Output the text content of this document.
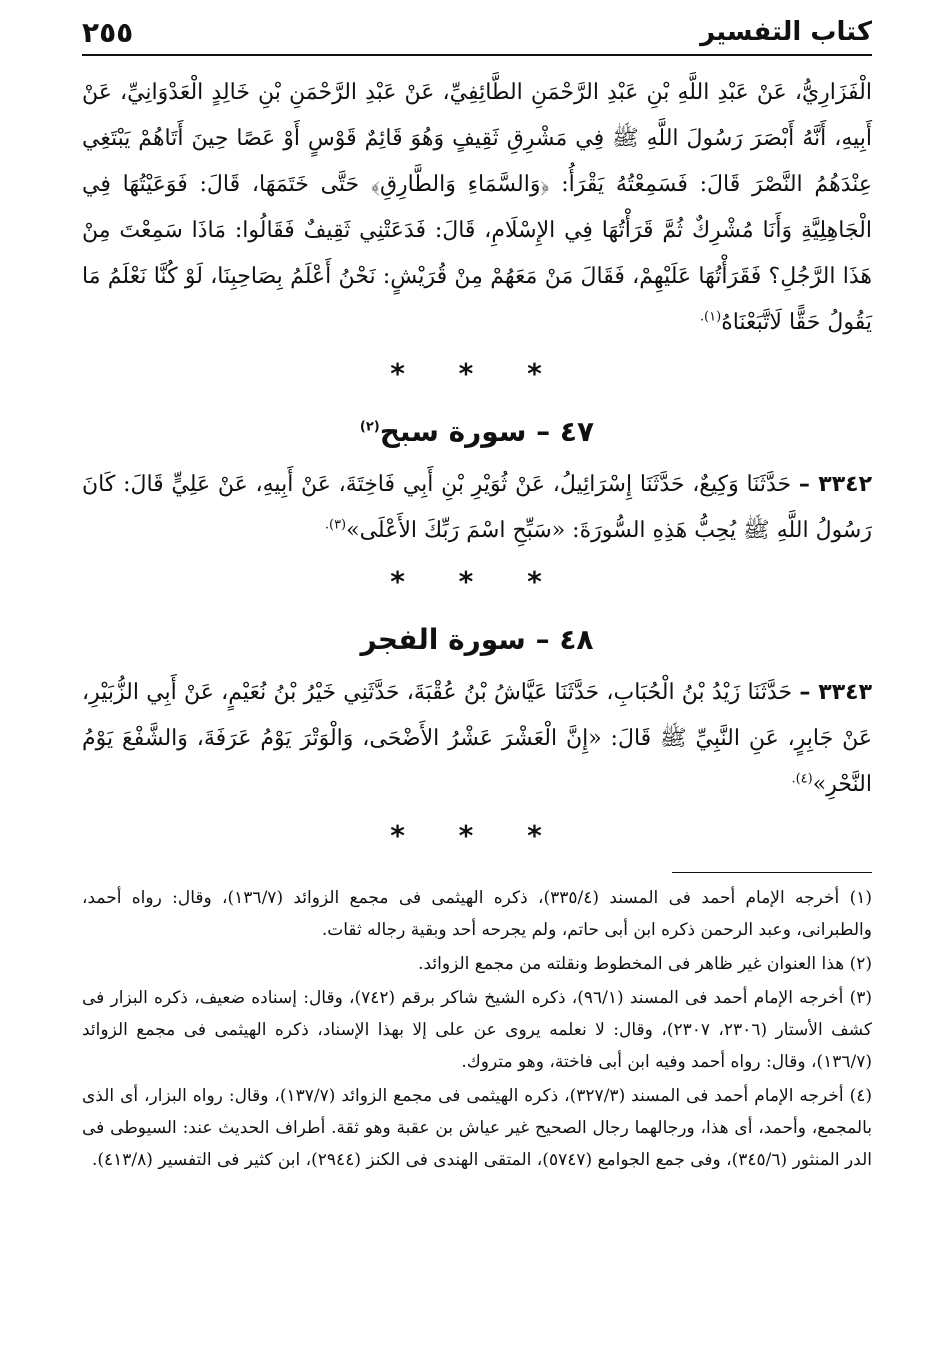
كتاب التفسير
٢٥٥

الْفَزَارِيُّ، عَنْ عَبْدِ اللَّهِ بْنِ عَبْدِ الرَّحْمَنِ الطَّائِفِيِّ، عَنْ عَبْدِ الرَّحْمَنِ بْنِ خَالِدٍ الْعَدْوَانِيِّ، عَنْ أَبِيهِ، أَنَّهُ أَبْصَرَ رَسُولَ اللَّهِ ﷺ فِي مَشْرِقِ ثَقِيفٍ وَهُوَ قَائِمٌ قَوْسٍ أَوْ عَصًا حِينَ أَتَاهُمْ يَبْتَغِي عِنْدَهُمُ النَّصْرَ قَالَ: فَسَمِعْتُهُ يَقْرَأُ: ﴿وَالسَّمَاءِ وَالطَّارِقِ﴾ حَتَّى خَتَمَهَا، قَالَ: فَوَعَيْتُهَا فِي الْجَاهِلِيَّةِ وَأَنَا مُشْرِكٌ ثُمَّ قَرَأْتُهَا فِي الإِسْلَامِ، قَالَ: فَدَعَتْنِي ثَقِيفٌ فَقَالُوا: مَاذَا سَمِعْتَ مِنْ هَذَا الرَّجُلِ؟ فَقَرَأْتُهَا عَلَيْهِمْ، فَقَالَ مَنْ مَعَهُمْ مِنْ قُرَيْشٍ: نَحْنُ أَعْلَمُ بِصَاحِبِنَا، لَوْ كُنَّا نَعْلَمُ مَا يَقُولُ حَقًّا لَاتَّبَعْنَاهُ$^{(١).}$

* * *
٤٧ – سورة سبح$^{(٢)}$

٣٣٤٢ – حَدَّثَنَا وَكِيعٌ، حَدَّثَنَا إِسْرَائِيلُ، عَنْ ثُوَيْرِ بْنِ أَبِي فَاخِتَةَ، عَنْ أَبِيهِ، عَنْ عَلِيٍّ قَالَ: كَانَ رَسُولُ اللَّهِ ﷺ يُحِبُّ هَذِهِ السُّورَةَ: «سَبِّحِ اسْمَ رَبِّكَ الأَعْلَى»$^{(٣).}$

* * *
٤٨ – سورة الفجر

٣٣٤٣ – حَدَّثَنَا زَيْدُ بْنُ الْحُبَابِ، حَدَّثَنَا عَيَّاشُ بْنُ عُقْبَةَ، حَدَّثَنِي خَيْرُ بْنُ نُعَيْمٍ، عَنْ أَبِي الزُّبَيْرِ، عَنْ جَابِرٍ، عَنِ النَّبِيِّ ﷺ قَالَ: «إِنَّ الْعَشْرَ عَشْرُ الأَضْحَى، وَالْوَتْرَ يَوْمُ عَرَفَةَ، وَالشَّفْعَ يَوْمُ النَّحْرِ»$^{(٤).}$

* * *

(١) أخرجه الإمام أحمد فى المسند (٣٣٥/٤)، ذكره الهيثمى فى مجمع الزوائد (١٣٦/٧)، وقال: رواه أحمد، والطبرانى، وعبد الرحمن ذكره ابن أبى حاتم، ولم يجرحه أحد وبقية رجاله ثقات.

(٢) هذا العنوان غير ظاهر فى المخطوط ونقلته من مجمع الزوائد.

(٣) أخرجه الإمام أحمد فى المسند (٩٦/١)، ذكره الشيخ شاكر برقم (٧٤٢)، وقال: إسناده ضعيف، ذكره البزار فى كشف الأستار (٢٣٠٦، ٢٣٠٧)، وقال: لا نعلمه يروى عن على إلا بهذا الإسناد، ذكره الهيثمى فى مجمع الزوائد (١٣٦/٧)، وقال: رواه أحمد وفيه ابن أبى فاختة، وهو متروك.

(٤) أخرجه الإمام أحمد فى المسند (٣٢٧/٣)، ذكره الهيثمى فى مجمع الزوائد (١٣٧/٧)، وقال: رواه البزار، أى الذى بالمجمع، وأحمد، أى هذا، ورجالهما رجال الصحيح غير عياش بن عقبة وهو ثقة. أطراف الحديث عند: السيوطى فى الدر المنثور (٣٤٥/٦)، وفى جمع الجوامع (٥٧٤٧)، المتقى الهندى فى الكنز (٢٩٤٤)، ابن كثير فى التفسير (٤١٣/٨).
